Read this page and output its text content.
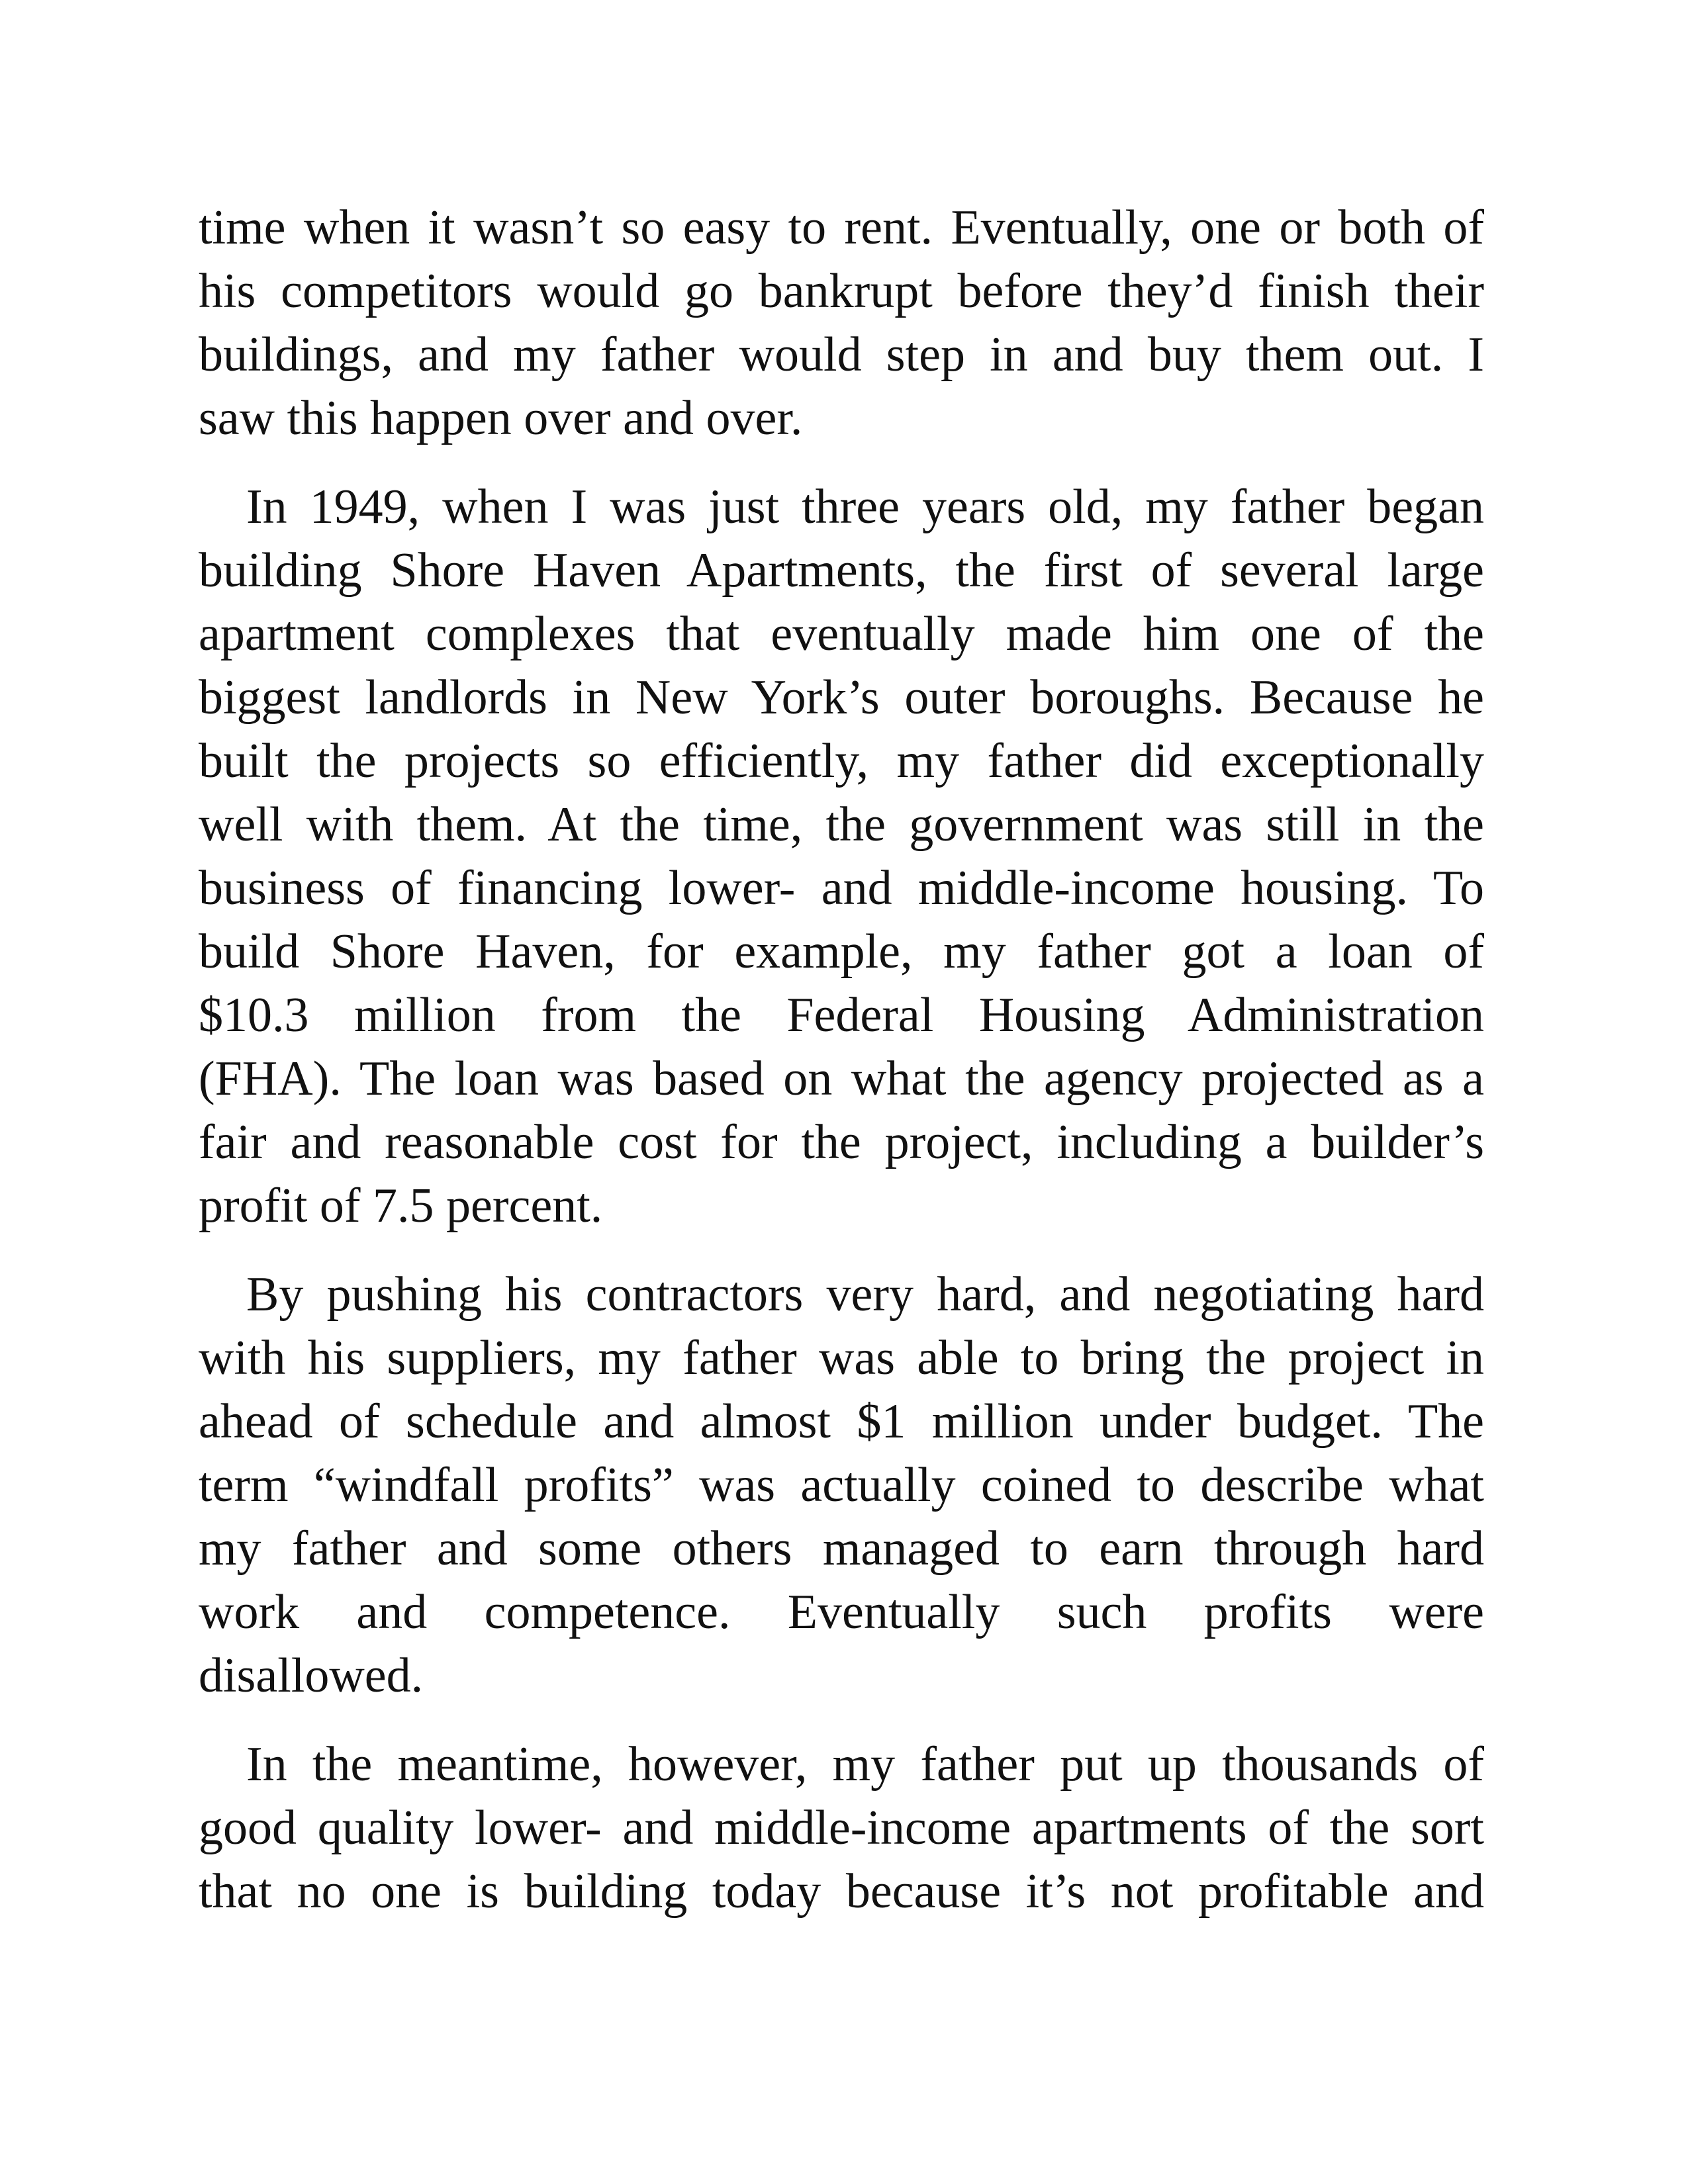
time when it wasn’t so easy to rent. Eventually, one or both of
his competitors would go bankrupt before they’d finish their
buildings, and my father would step in and buy them out. I
saw this happen over and over.

In 1949, when I was just three years old, my father began
building Shore Haven Apartments, the first of several large
apartment complexes that eventually made him one of the
biggest landlords in New York’s outer boroughs. Because he
built the projects so efficiently, my father did exceptionally
well with them. At the time, the government was still in the
business of financing lower- and middle-income housing. To
build Shore Haven, for example, my father got a loan of
$10.3 million from the Federal Housing Administration
(FHA). The loan was based on what the agency projected as a
fair and reasonable cost for the project, including a builder’s
profit of 7.5 percent.

By pushing his contractors very hard, and negotiating hard
with his suppliers, my father was able to bring the project in
ahead of schedule and almost $1 million under budget. The
term “windfall profits” was actually coined to describe what
my father and some others managed to earn through hard
work and competence. Eventually such profits were
disallowed.

In the meantime, however, my father put up thousands of
good quality lower- and middle-income apartments of the sort
that no one is building today because it’s not profitable and
